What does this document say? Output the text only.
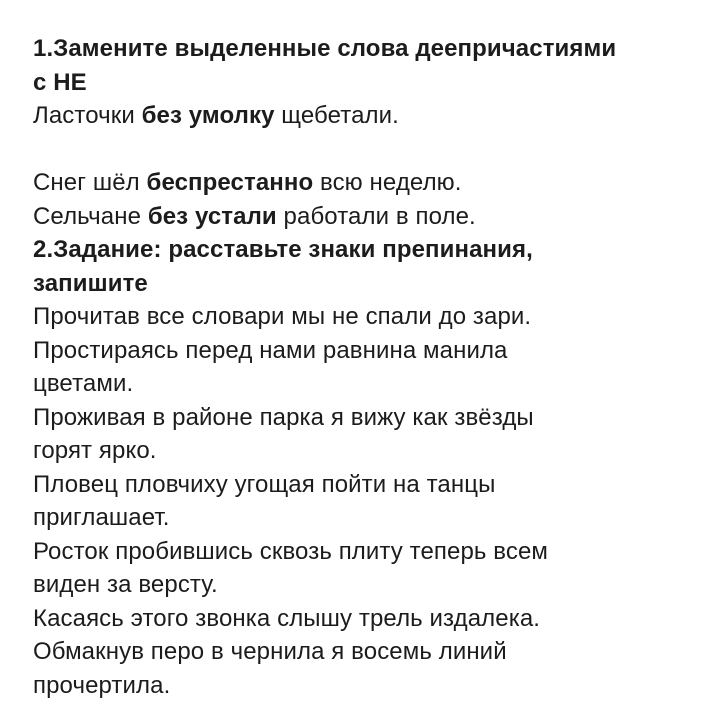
1.Замените выделенные слова деепричастиями
с НЕ
Ласточки без умолку щебетали.
Снег шёл беспрестанно всю неделю.
Сельчане без устали работали в поле.
2.Задание: расставьте знаки препинания,
запишите
Прочитав все словари мы не спали до зари.
Простираясь перед нами равнина манила
цветами.
Проживая в районе парка я вижу как звёзды
горят ярко.
Пловец пловчиху угощая пойти на танцы
приглашает.
Росток пробившись сквозь плиту теперь всем
виден за версту.
Касаясь этого звонка слышу трель издалека.
Обмакнув перо в чернила я восемь линий
прочертила.
